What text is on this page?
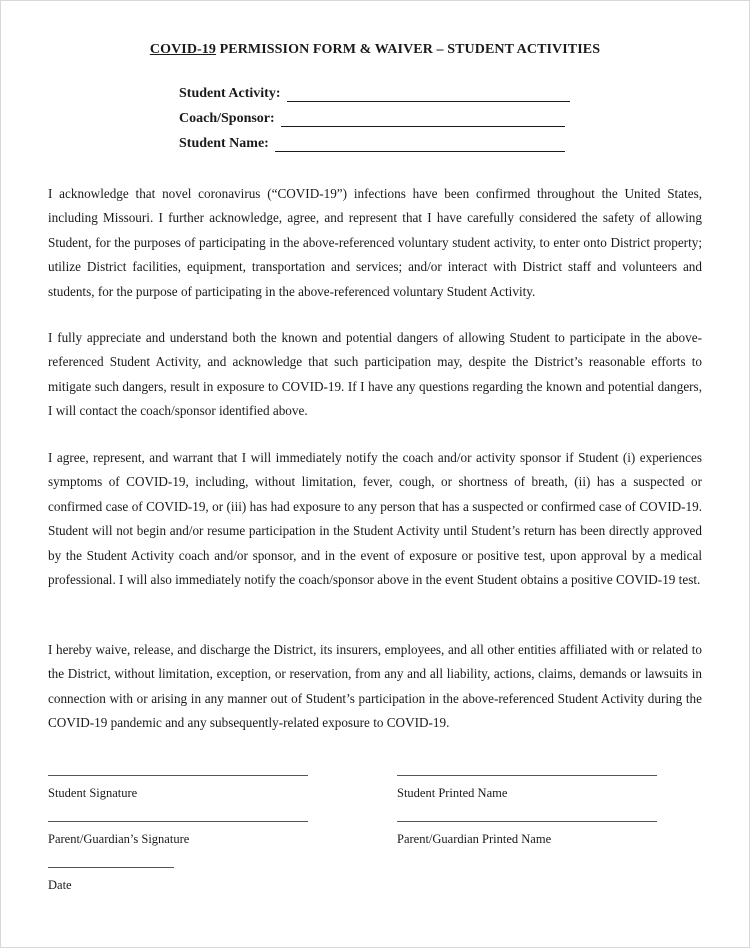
COVID-19 PERMISSION FORM & WAIVER – STUDENT ACTIVITIES
Student Activity:
Coach/Sponsor:
Student Name:

I acknowledge that novel coronavirus (“COVID-19”) infections have been confirmed throughout the United States, including Missouri. I further acknowledge, agree, and represent that I have carefully considered the safety of allowing Student, for the purposes of participating in the above-referenced voluntary student activity, to enter onto District property; utilize District facilities, equipment, transportation and services; and/or interact with District staff and volunteers and students, for the purpose of participating in the above-referenced voluntary Student Activity.

I fully appreciate and understand both the known and potential dangers of allowing Student to participate in the above-referenced Student Activity, and acknowledge that such participation may, despite the District’s reasonable efforts to mitigate such dangers, result in exposure to COVID-19. If I have any questions regarding the known and potential dangers, I will contact the coach/sponsor identified above.

I agree, represent, and warrant that I will immediately notify the coach and/or activity sponsor if Student (i) experiences symptoms of COVID-19, including, without limitation, fever, cough, or shortness of breath, (ii) has a suspected or confirmed case of COVID-19, or (iii) has had exposure to any person that has a suspected or confirmed case of COVID-19. Student will not begin and/or resume participation in the Student Activity until Student’s return has been directly approved by the Student Activity coach and/or sponsor, and in the event of exposure or positive test, upon approval by a medical professional. I will also immediately notify the coach/sponsor above in the event Student obtains a positive COVID-19 test.

I hereby waive, release, and discharge the District, its insurers, employees, and all other entities affiliated with or related to the District, without limitation, exception, or reservation, from any and all liability, actions, claims, demands or lawsuits in connection with or arising in any manner out of Student’s participation in the above-referenced Student Activity during the COVID-19 pandemic and any subsequently-related exposure to COVID-19.

Student Signature	Student Printed Name
Parent/Guardian’s Signature	Parent/Guardian Printed Name
Date
